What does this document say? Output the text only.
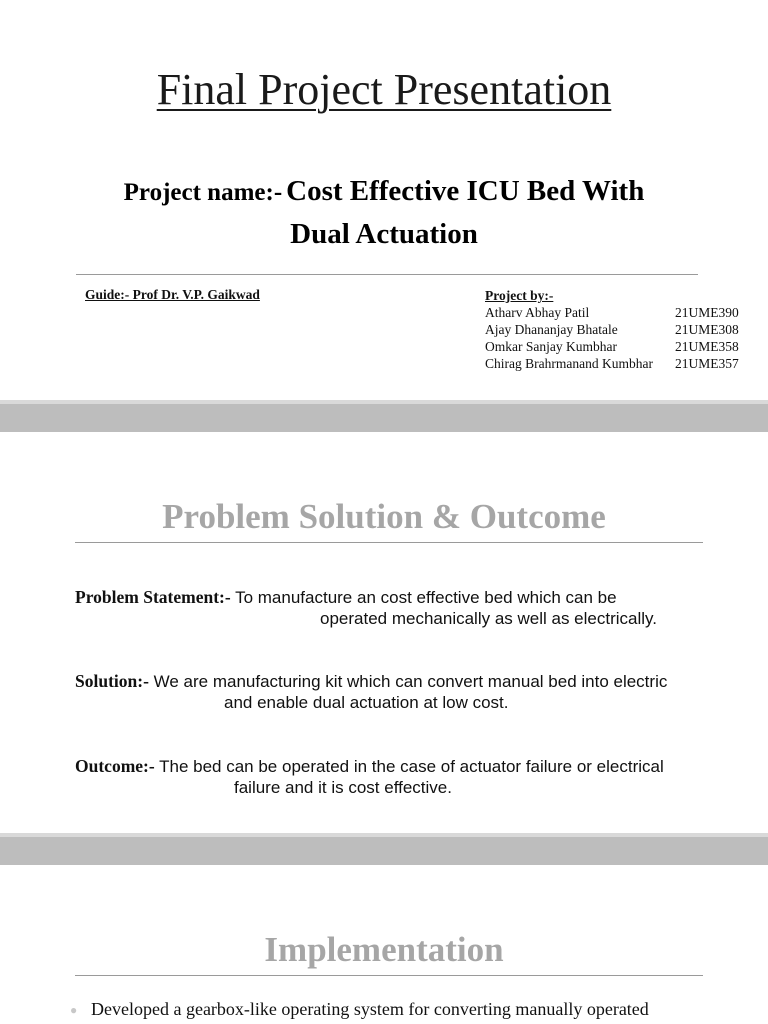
Final Project Presentation
Project name:- Cost Effective ICU Bed With
Dual Actuation
Guide:- Prof Dr. V.P. Gaikwad	Project by:-
Atharv Abhay Patil	21UME390
Ajay Dhananjay Bhatale	21UME308
Omkar Sanjay Kumbhar	21UME358
Chirag Brahrmanand Kumbhar	21UME357
Problem Solution & Outcome
Problem Statement:- To manufacture an cost effective bed which can be
operated mechanically as well as electrically.
Solution:- We are manufacturing kit which can convert manual bed into electric
and enable dual actuation at low cost.
Outcome:- The bed can be operated in the case of actuator failure or electrical
failure and it is cost effective.
Implementation
● Developed a gearbox-like operating system for converting manually operated
